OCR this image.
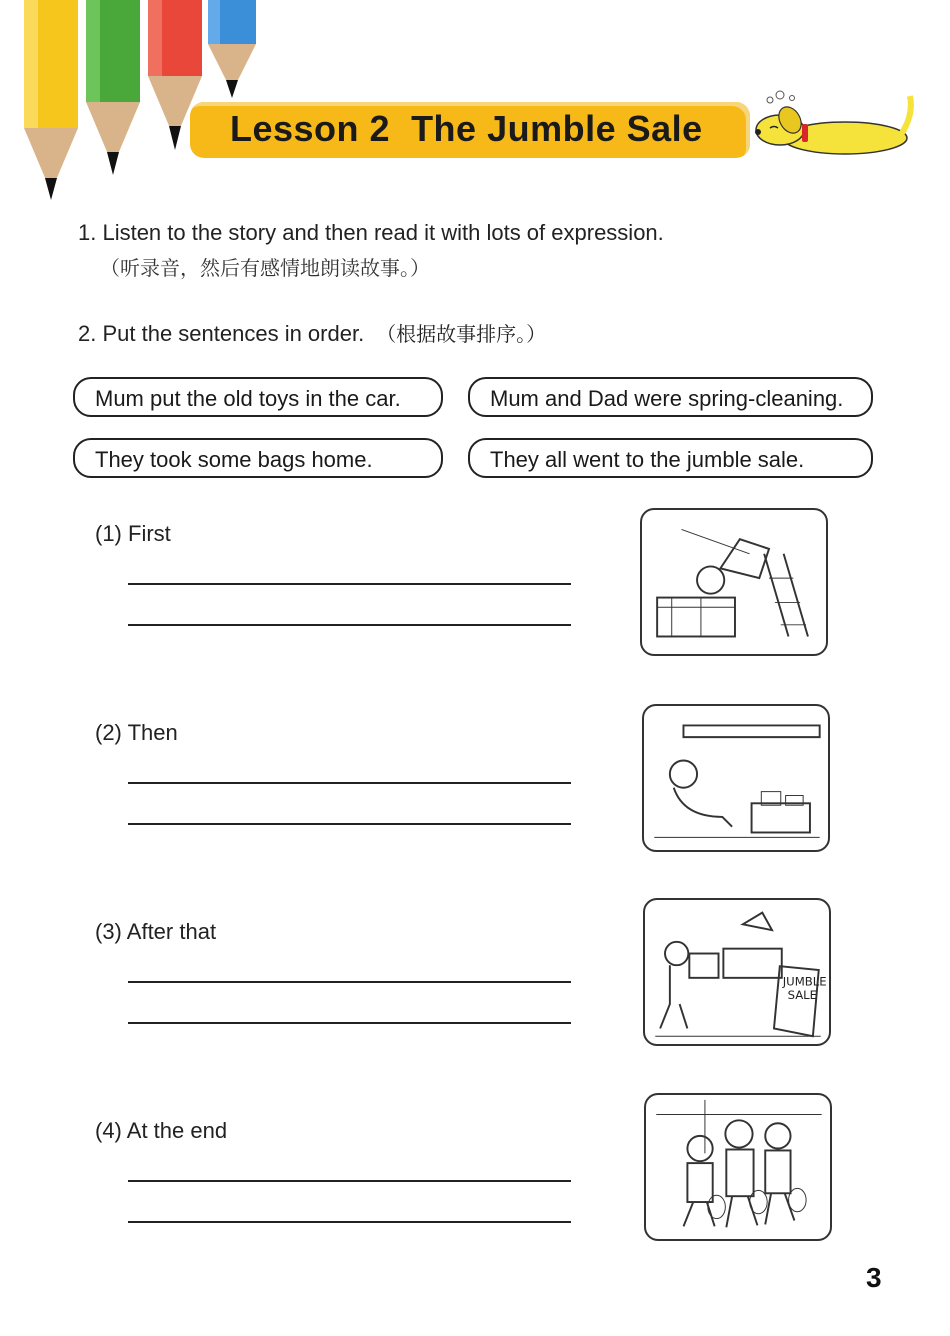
Lesson 2  The Jumble Sale
1. Listen to the story and then read it with lots of expression.
（听录音，然后有感情地朗读故事。）
2. Put the sentences in order. （根据故事排序。）
Mum put the old toys in the car.	Mum and Dad were spring-cleaning.
They took some bags home.	They all went to the jumble sale.
(1) First
(2) Then
(3) After that
JUMBLE
SALE
(4) At the end
3
